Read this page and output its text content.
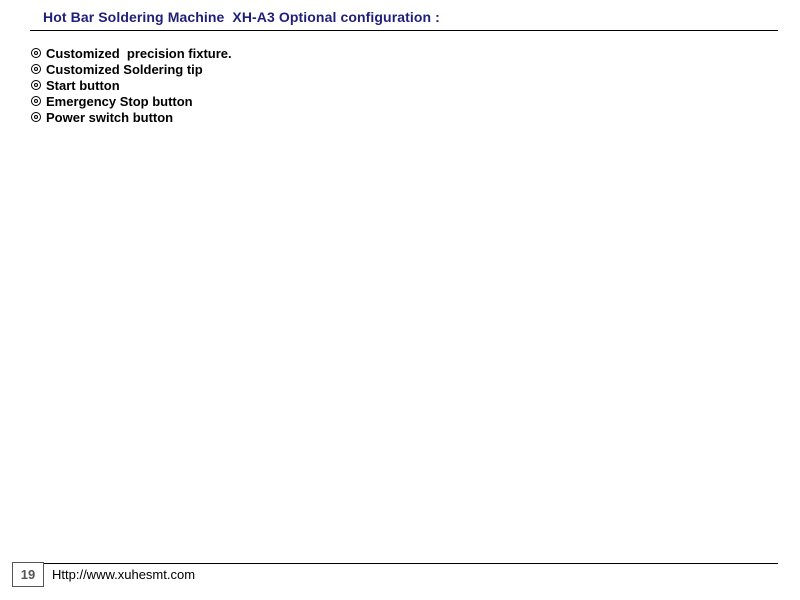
Hot Bar Soldering Machine  XH-A3 Optional configuration :
Customized  precision fixture.
Customized Soldering tip
Start button
Emergency Stop button
Power switch button
19	Http://www.xuhesmt.com
